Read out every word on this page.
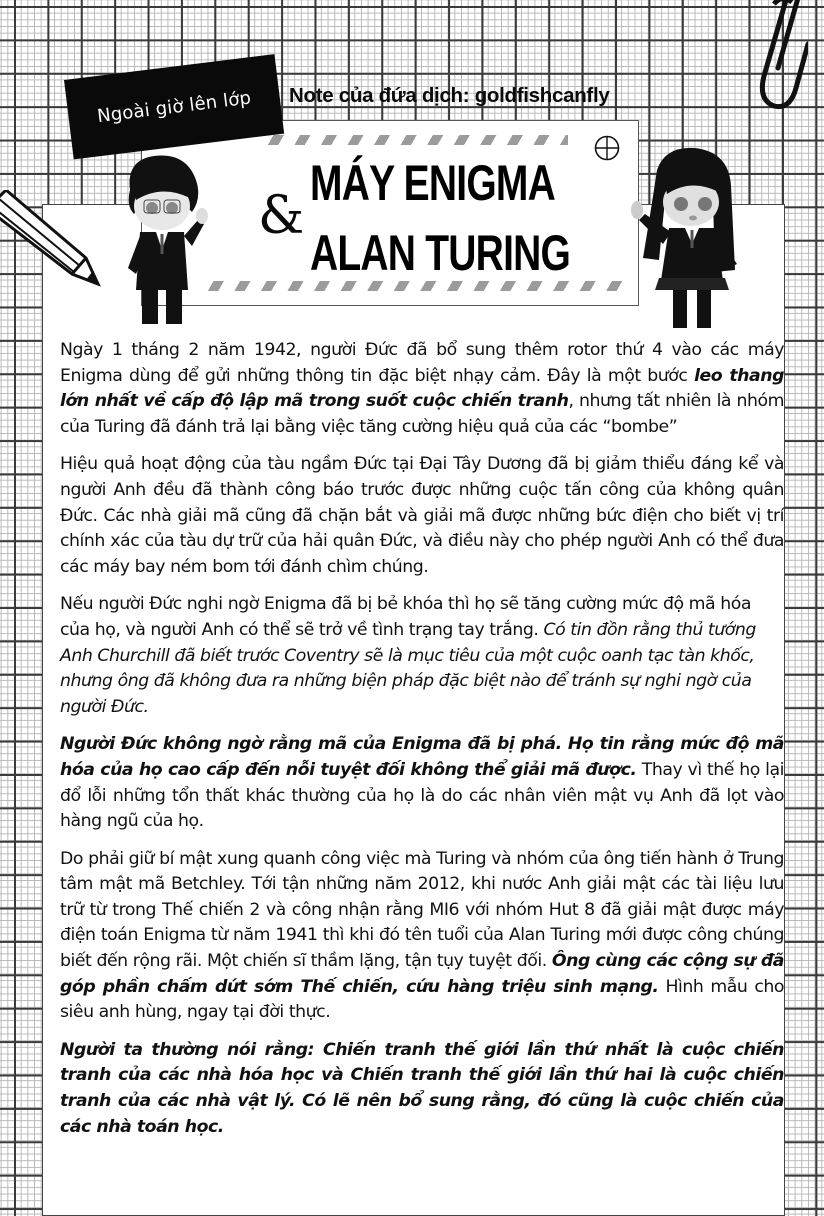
&
MÁY ENIGMA
ALAN TURING
Ngoài giờ lên lớp Note của đứa dịch: goldfishcanfly

Ngày 1 tháng 2 năm 1942, người Đức đã bổ sung thêm rotor thứ 4 vào các máy Enigma dùng để gửi những thông tin đặc biệt nhạy cảm. Đây là một bước leo thang lớn nhất về cấp độ lập mã trong suốt cuộc chiến tranh, nhưng tất nhiên là nhóm của Turing đã đánh trả lại bằng việc tăng cường hiệu quả của các “bombe”

Hiệu quả hoạt động của tàu ngầm Đức tại Đại Tây Dương đã bị giảm thiểu đáng kể và người Anh đều đã thành công báo trước được những cuộc tấn công của không quân Đức. Các nhà giải mã cũng đã chặn bắt và giải mã được những bức điện cho biết vị trí chính xác của tàu dự trữ của hải quân Đức, và điều này cho phép người Anh có thể đưa các máy bay ném bom tới đánh chìm chúng.

Nếu người Đức nghi ngờ Enigma đã bị bẻ khóa thì họ sẽ tăng cường mức độ mã hóa của họ, và người Anh có thể sẽ trở về tình trạng tay trắng. Có tin đồn rằng thủ tướng Anh Churchill đã biết trước Coventry sẽ là mục tiêu của một cuộc oanh tạc tàn khốc, nhưng ông đã không đưa ra những biện pháp đặc biệt nào để tránh sự nghi ngờ của người Đức.

Người Đức không ngờ rằng mã của Enigma đã bị phá. Họ tin rằng mức độ mã hóa của họ cao cấp đến nỗi tuyệt đối không thể giải mã được. Thay vì thế họ lại đổ lỗi những tổn thất khác thường của họ là do các nhân viên mật vụ Anh đã lọt vào hàng ngũ của họ.

Do phải giữ bí mật xung quanh công việc mà Turing và nhóm của ông tiến hành ở Trung tâm mật mã Betchley. Tới tận những năm 2012, khi nước Anh giải mật các tài liệu lưu trữ từ trong Thế chiến 2 và công nhận rằng MI6 với nhóm Hut 8 đã giải mật được máy điện toán Enigma từ năm 1941 thì khi đó tên tuổi của Alan Turing mới được công chúng biết đến rộng rãi. Một chiến sĩ thầm lặng, tận tụy tuyệt đối. Ông cùng các cộng sự đã góp phần chấm dứt sớm Thế chiến, cứu hàng triệu sinh mạng. Hình mẫu cho siêu anh hùng, ngay tại đời thực.

Người ta thường nói rằng: Chiến tranh thế giới lần thứ nhất là cuộc chiến tranh của các nhà hóa học và Chiến tranh thế giới lần thứ hai là cuộc chiến tranh của các nhà vật lý. Có lẽ nên bổ sung rằng, đó cũng là cuộc chiến của các nhà toán học.
